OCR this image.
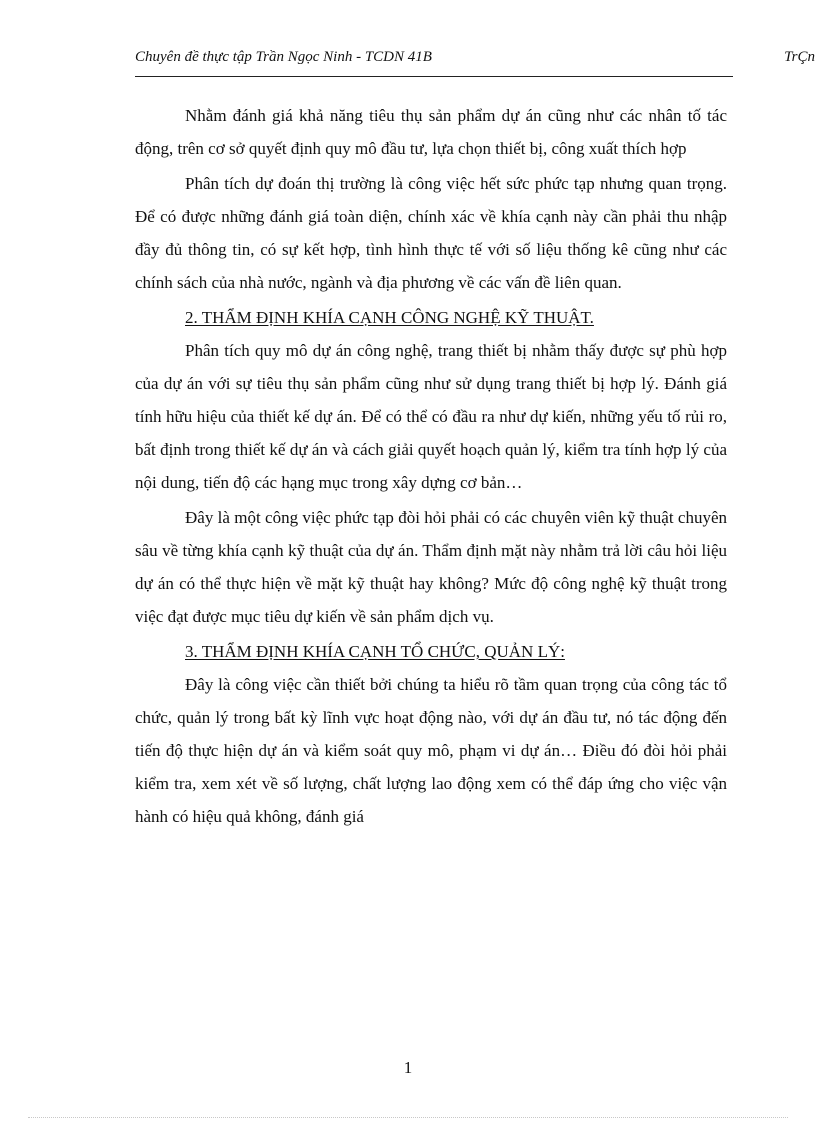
Chuyên đề thực tập Trần Ngọc Ninh - TCDN 41B	TrÇn

Nhằm đánh giá khả năng tiêu thụ sản phẩm dự án cũng như các nhân tố tác động, trên cơ sở quyết định quy mô đầu tư, lựa chọn thiết bị, công xuất thích hợp

Phân tích dự đoán thị trường là công việc hết sức phức tạp nhưng quan trọng. Để có được những đánh giá toàn diện, chính xác về khía cạnh này cần phải thu nhập đầy đủ thông tin, có sự kết hợp, tình hình thực tế với số liệu thống kê cũng như các chính sách của nhà nước, ngành và địa phương về các vấn đề liên quan.

2. THẨM ĐỊNH KHÍA CẠNH CÔNG NGHỆ KỸ THUẬT.

Phân tích quy mô dự án công nghệ, trang thiết bị nhằm thấy được sự phù hợp của dự án với sự tiêu thụ sản phẩm cũng như sử dụng trang thiết bị hợp lý. Đánh giá tính hữu hiệu của thiết kế dự án. Để có thể có đầu ra như dự kiến, những yếu tố rủi ro, bất định trong thiết kế dự án và cách giải quyết hoạch quản lý, kiểm tra tính hợp lý của nội dung, tiến độ các hạng mục trong xây dựng cơ bản…

Đây là một công việc phức tạp đòi hỏi phải có các chuyên viên kỹ thuật chuyên sâu về từng khía cạnh kỹ thuật của dự án. Thẩm định mặt này nhằm trả lời câu hỏi liệu dự án có thể thực hiện về mặt kỹ thuật hay không? Mức độ công nghệ kỹ thuật trong việc đạt được mục tiêu dự kiến về sản phẩm dịch vụ.

3. THẨM ĐỊNH KHÍA CẠNH TỔ CHỨC, QUẢN LÝ:

Đây là công việc cần thiết bởi chúng ta hiểu rõ tầm quan trọng của công tác tổ chức, quản lý trong bất kỳ lĩnh vực hoạt động nào, với dự án đầu tư, nó tác động đến tiến độ thực hiện dự án và kiểm soát quy mô, phạm vi dự án… Điều đó đòi hỏi phải kiểm tra, xem xét về số lượng, chất lượng lao động xem có thể đáp ứng cho việc vận hành có hiệu quả không, đánh giá

1
